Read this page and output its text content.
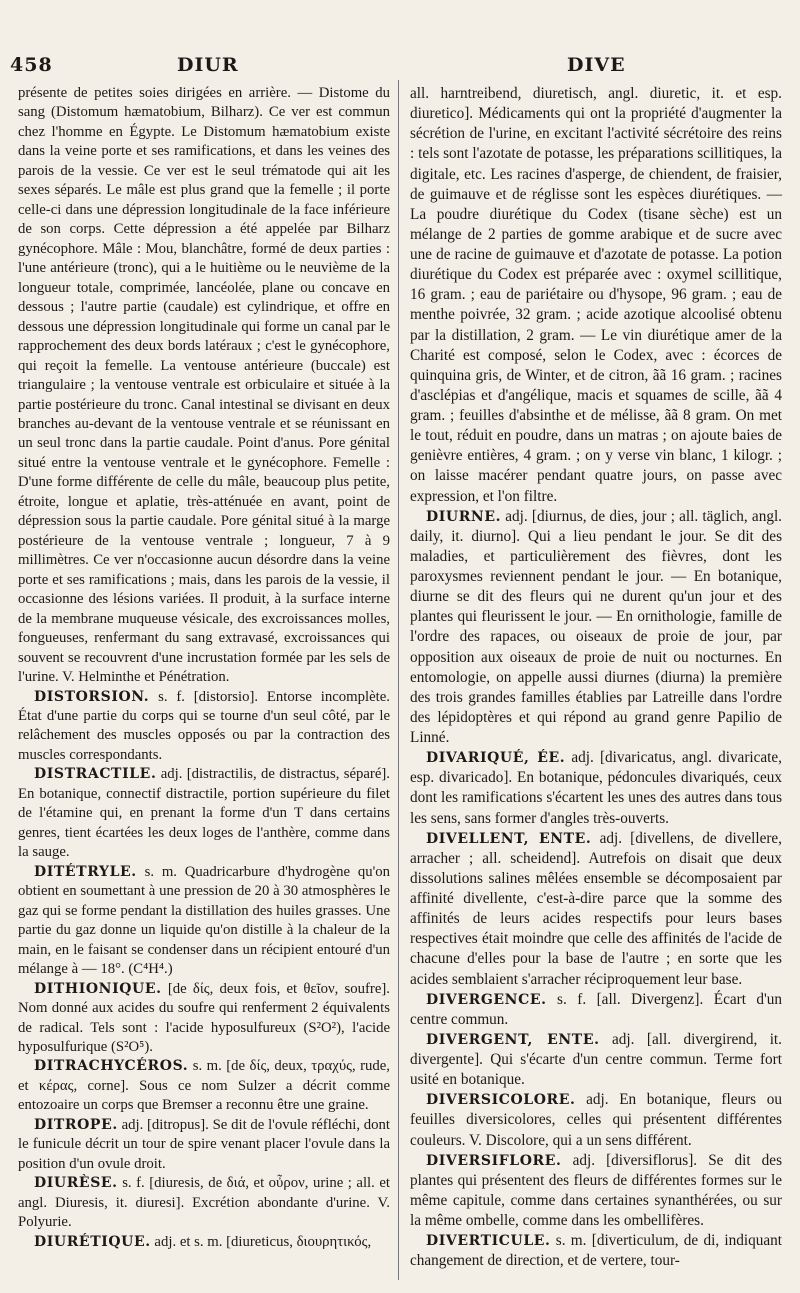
458	DIUR	DIVE

présente de petites soies dirigées en arrière. — Distome du sang (Distomum hæmatobium, Bilharz). Ce ver est commun chez l'homme en Égypte. Le Distomum hæmatobium existe dans la veine porte et ses ramifications, et dans les veines des parois de la vessie. Ce ver est le seul trématode qui ait les sexes séparés. Le mâle est plus grand que la femelle ; il porte celle-ci dans une dépression longitudinale de la face inférieure de son corps. Cette dépression a été appelée par Bilharz gynécophore. Mâle : Mou, blanchâtre, formé de deux parties : l'une antérieure (tronc), qui a le huitième ou le neuvième de la longueur totale, comprimée, lancéolée, plane ou concave en dessous ; l'autre partie (caudale) est cylindrique, et offre en dessous une dépression longitudinale qui forme un canal par le rapprochement des deux bords latéraux ; c'est le gynécophore, qui reçoit la femelle. La ventouse antérieure (buccale) est triangulaire ; la ventouse ventrale est orbiculaire et située à la partie postérieure du tronc. Canal intestinal se divisant en deux branches au-devant de la ventouse ventrale et se réunissant en un seul tronc dans la partie caudale. Point d'anus. Pore génital situé entre la ventouse ventrale et le gynécophore. Femelle : D'une forme différente de celle du mâle, beaucoup plus petite, étroite, longue et aplatie, très-atténuée en avant, point de dépression sous la partie caudale. Pore génital situé à la marge postérieure de la ventouse ventrale ; longueur, 7 à 9 millimètres. Ce ver n'occasionne aucun désordre dans la veine porte et ses ramifications ; mais, dans les parois de la vessie, il occasionne des lésions variées. Il produit, à la surface interne de la membrane muqueuse vésicale, des excroissances molles, fongueuses, renfermant du sang extravasé, excroissances qui souvent se recouvrent d'une incrustation formée par les sels de l'urine. V. Helminthe et Pénétration.

DISTORSION. s. f. [distorsio]. Entorse incomplète. État d'une partie du corps qui se tourne d'un seul côté, par le relâchement des muscles opposés ou par la contraction des muscles correspondants.

DISTRACTILE. adj. [distractilis, de distractus, séparé]. En botanique, connectif distractile, portion supérieure du filet de l'étamine qui, en prenant la forme d'un T dans certains genres, tient écartées les deux loges de l'anthère, comme dans la sauge.

DITÉTRYLE. s. m. Quadricarbure d'hydrogène qu'on obtient en soumettant à une pression de 20 à 30 atmosphères le gaz qui se forme pendant la distillation des huiles grasses. Une partie du gaz donne un liquide qu'on distille à la chaleur de la main, en le faisant se condenser dans un récipient entouré d'un mélange à — 18°. (C⁴H⁴.)

DITHIONIQUE. [de δίς, deux fois, et θεῖον, soufre]. Nom donné aux acides du soufre qui renferment 2 équivalents de radical. Tels sont : l'acide hyposulfureux (S²O²), l'acide hyposulfurique (S²O⁵).

DITRACHYCÉROS. s. m. [de δίς, deux, τραχύς, rude, et κέρας, corne]. Sous ce nom Sulzer a décrit comme entozoaire un corps que Bremser a reconnu être une graine.

DITROPE. adj. [ditropus]. Se dit de l'ovule réfléchi, dont le funicule décrit un tour de spire venant placer l'ovule dans la position d'un ovule droit.

DIURÈSE. s. f. [diuresis, de διά, et οὖρον, urine ; all. et angl. Diuresis, it. diuresi]. Excrétion abondante d'urine. V. Polyurie.

DIURÉTIQUE. adj. et s. m. [diureticus, διουρητικός,

all. harntreibend, diuretisch, angl. diuretic, it. et esp. diuretico]. Médicaments qui ont la propriété d'augmenter la sécrétion de l'urine, en excitant l'activité sécrétoire des reins : tels sont l'azotate de potasse, les préparations scillitiques, la digitale, etc. Les racines d'asperge, de chiendent, de fraisier, de guimauve et de réglisse sont les espèces diurétiques. — La poudre diurétique du Codex (tisane sèche) est un mélange de 2 parties de gomme arabique et de sucre avec une de racine de guimauve et d'azotate de potasse. La potion diurétique du Codex est préparée avec : oxymel scillitique, 16 gram. ; eau de pariétaire ou d'hysope, 96 gram. ; eau de menthe poivrée, 32 gram. ; acide azotique alcoolisé obtenu par la distillation, 2 gram. — Le vin diurétique amer de la Charité est composé, selon le Codex, avec : écorces de quinquina gris, de Winter, et de citron, ãã 16 gram. ; racines d'asclépias et d'angélique, macis et squames de scille, ãã 4 gram. ; feuilles d'absinthe et de mélisse, ãã 8 gram. On met le tout, réduit en poudre, dans un matras ; on ajoute baies de genièvre entières, 4 gram. ; on y verse vin blanc, 1 kilogr. ; on laisse macérer pendant quatre jours, on passe avec expression, et l'on filtre.

DIURNE. adj. [diurnus, de dies, jour ; all. täglich, angl. daily, it. diurno]. Qui a lieu pendant le jour. Se dit des maladies, et particulièrement des fièvres, dont les paroxysmes reviennent pendant le jour. — En botanique, diurne se dit des fleurs qui ne durent qu'un jour et des plantes qui fleurissent le jour. — En ornithologie, famille de l'ordre des rapaces, ou oiseaux de proie de jour, par opposition aux oiseaux de proie de nuit ou nocturnes. En entomologie, on appelle aussi diurnes (diurna) la première des trois grandes familles établies par Latreille dans l'ordre des lépidoptères et qui répond au grand genre Papilio de Linné.

DIVARIQUÉ, ÉE. adj. [divaricatus, angl. divaricate, esp. divaricado]. En botanique, pédoncules divariqués, ceux dont les ramifications s'écartent les unes des autres dans tous les sens, sans former d'angles très-ouverts.

DIVELLENT, ENTE. adj. [divellens, de divellere, arracher ; all. scheidend]. Autrefois on disait que deux dissolutions salines mêlées ensemble se décomposaient par affinité divellente, c'est-à-dire parce que la somme des affinités de leurs acides respectifs pour leurs bases respectives était moindre que celle des affinités de l'acide de chacune d'elles pour la base de l'autre ; en sorte que les acides semblaient s'arracher réciproquement leur base.

DIVERGENCE. s. f. [all. Divergenz]. Écart d'un centre commun.

DIVERGENT, ENTE. adj. [all. divergirend, it. divergente]. Qui s'écarte d'un centre commun. Terme fort usité en botanique.

DIVERSICOLORE. adj. En botanique, fleurs ou feuilles diversicolores, celles qui présentent différentes couleurs. V. Discolore, qui a un sens différent.

DIVERSIFLORE. adj. [diversiflorus]. Se dit des plantes qui présentent des fleurs de différentes formes sur le même capitule, comme dans certaines synanthérées, ou sur la même ombelle, comme dans les ombellifères.

DIVERTICULE. s. m. [diverticulum, de di, indiquant changement de direction, et de vertere, tour-
